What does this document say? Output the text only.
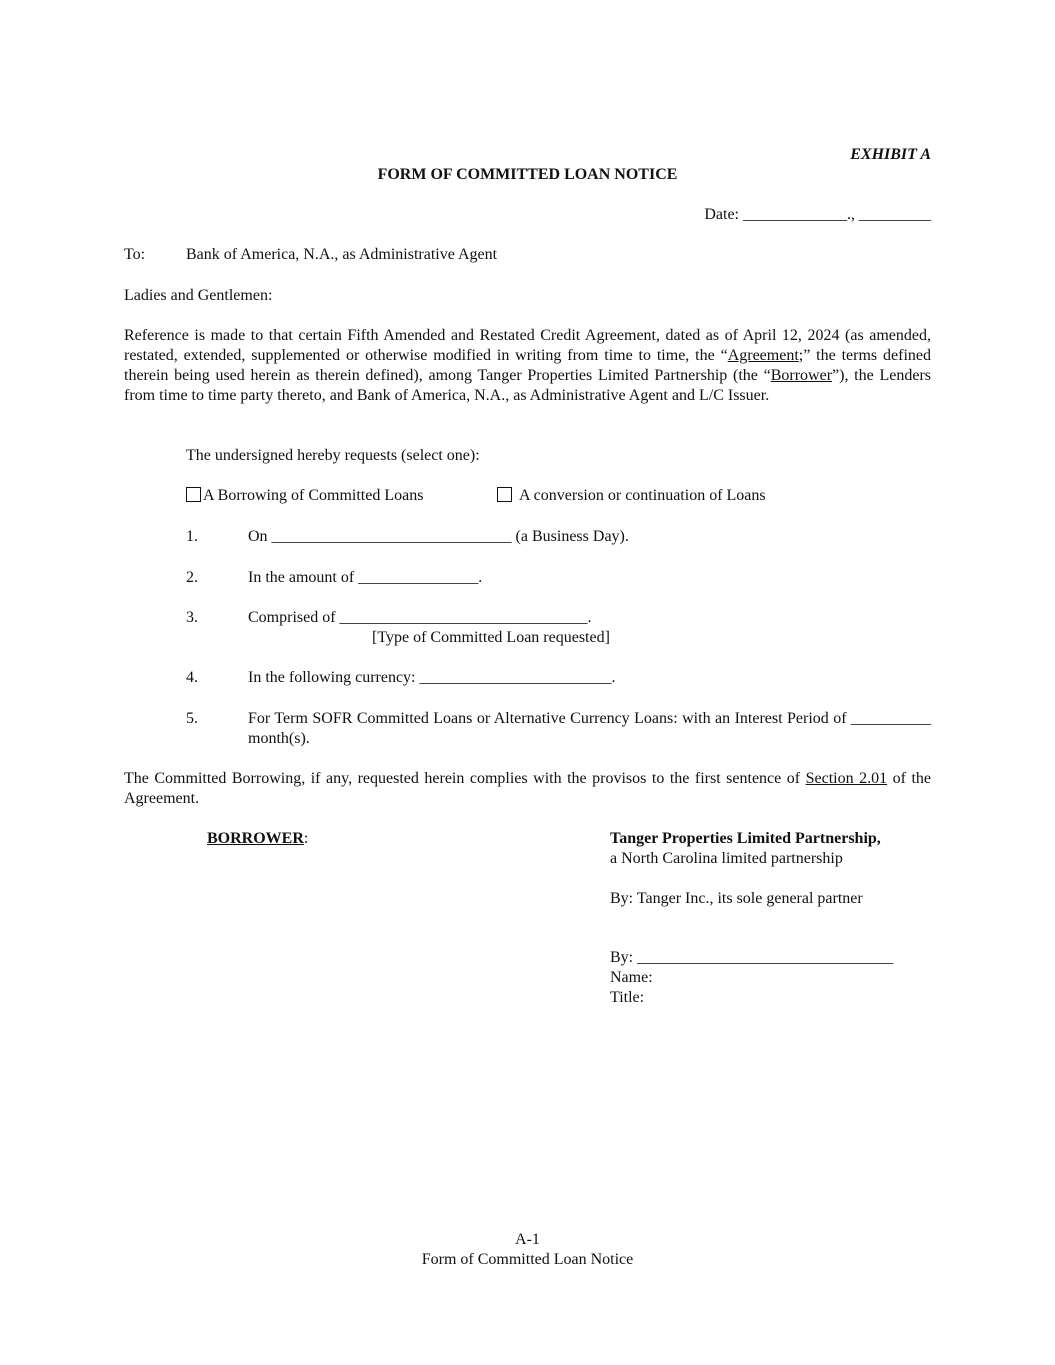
EXHIBIT A
FORM OF COMMITTED LOAN NOTICE
Date: _____________., _________
To:	Bank of America, N.A., as Administrative Agent
Ladies and Gentlemen:
Reference is made to that certain Fifth Amended and Restated Credit Agreement, dated as of April 12, 2024 (as amended, restated, extended, supplemented or otherwise modified in writing from time to time, the “Agreement;” the terms defined therein being used herein as therein defined), among Tanger Properties Limited Partnership (the “Borrower”), the Lenders from time to time party thereto, and Bank of America, N.A., as Administrative Agent and L/C Issuer.
The undersigned hereby requests (select one):
A Borrowing of Committed Loans	A conversion or continuation of Loans
1.	On ______________________________ (a Business Day).
2.	In the amount of _______________.
3.	Comprised of _______________________________.
[Type of Committed Loan requested]
4.	In the following currency: ________________________.
5.	For Term SOFR Committed Loans or Alternative Currency Loans: with an Interest Period of __________ month(s).
The Committed Borrowing, if any, requested herein complies with the provisos to the first sentence of Section 2.01 of the Agreement.
BORROWER:	Tanger Properties Limited Partnership,
a North Carolina limited partnership
By: Tanger Inc., its sole general partner
By: ________________________________
Name:
Title:
A-1
Form of Committed Loan Notice
